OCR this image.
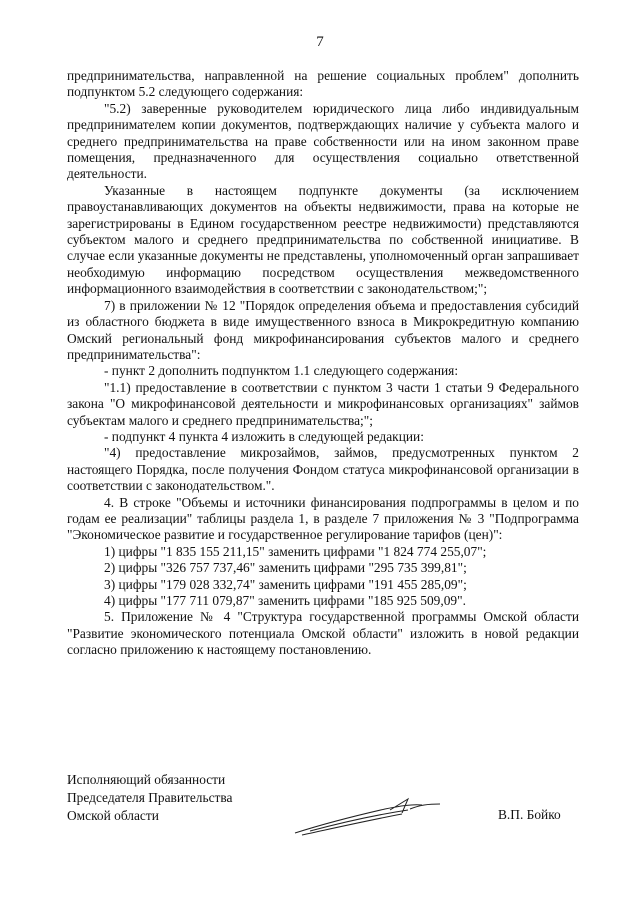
7

предпринимательства, направленной на решение социальных проблем" дополнить подпунктом 5.2 следующего содержания:

"5.2) заверенные руководителем юридического лица либо индивидуальным предпринимателем копии документов, подтверждающих наличие у субъекта малого и среднего предпринимательства на праве собственности или на ином законном праве помещения, предназначенного для осуществления социально ответственной деятельности.

Указанные в настоящем подпункте документы (за исключением правоустанавливающих документов на объекты недвижимости, права на которые не зарегистрированы в Едином государственном реестре недвижимости) представляются субъектом малого и среднего предпринимательства по собственной инициативе. В случае если указанные документы не представлены, уполномоченный орган запрашивает необходимую информацию посредством осуществления межведомственного информационного взаимодействия в соответствии с законодательством;";

7) в приложении № 12 "Порядок определения объема и предоставления субсидий из областного бюджета в виде имущественного взноса в Микрокредитную компанию Омский региональный фонд микрофинансирования субъектов малого и среднего предпринимательства":

- пункт 2 дополнить подпунктом 1.1 следующего содержания:

"1.1) предоставление в соответствии с пунктом 3 части 1 статьи 9 Федерального закона "О микрофинансовой деятельности и микрофинансовых организациях" займов субъектам малого и среднего предпринимательства;";

- подпункт 4 пункта 4 изложить в следующей редакции:

"4) предоставление микрозаймов, займов, предусмотренных пунктом 2 настоящего Порядка, после получения Фондом статуса микрофинансовой организации в соответствии с законодательством.".

4. В строке "Объемы и источники финансирования подпрограммы в целом и по годам ее реализации" таблицы раздела 1, в разделе 7 приложения № 3 "Подпрограмма "Экономическое развитие и государственное регулирование тарифов (цен)":

1) цифры "1 835 155 211,15" заменить цифрами "1 824 774 255,07";

2) цифры "326 757 737,46" заменить цифрами "295 735 399,81";

3) цифры "179 028 332,74" заменить цифрами "191 455 285,09";

4) цифры "177 711 079,87" заменить цифрами "185 925 509,09".

5. Приложение № 4 "Структура государственной программы Омской области "Развитие экономического потенциала Омской области" изложить в новой редакции согласно приложению к настоящему постановлению.

Исполняющий обязанности
Председателя Правительства
Омской области	В.П. Бойко
